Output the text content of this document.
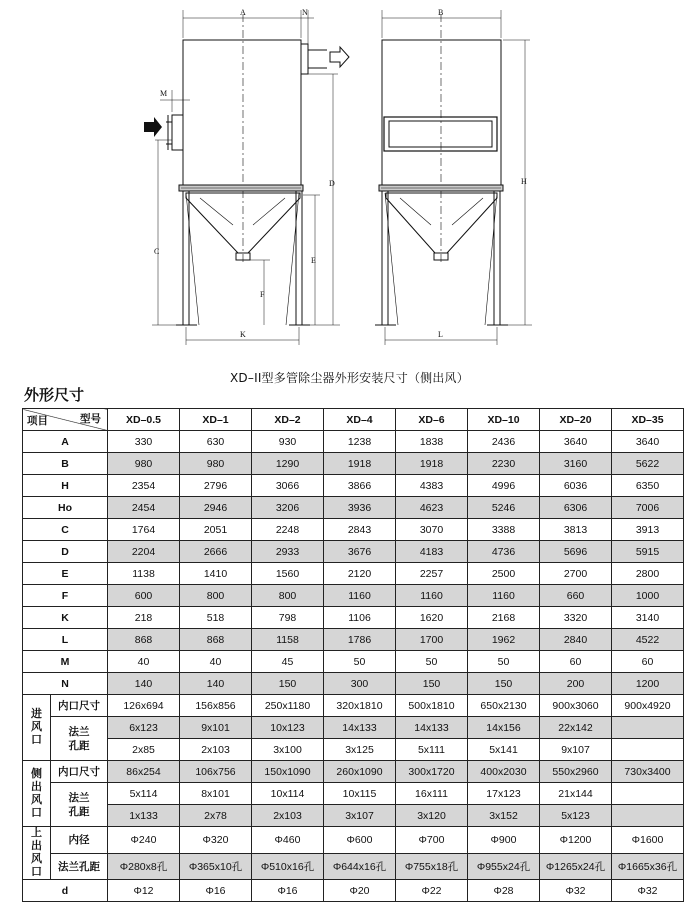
A	N
M
D
C
E
F
K
B
H
L
XD–II型多管除尘器外形安装尺寸（侧出风）
外形尺寸
型号
项目		XD–0.5	XD–1	XD–2	XD–4	XD–6	XD–10	XD–20	XD–35
A		330	630	930	1238	1838	2436	3640	3640
B		980	980	1290	1918	1918	2230	3160	5622
H		2354	2796	3066	3866	4383	4996	6036	6350
Ho		2454	2946	3206	3936	4623	5246	6306	7006
C		1764	2051	2248	2843	3070	3388	3813	3913
D		2204	2666	2933	3676	4183	4736	5696	5915
E		1138	1410	1560	2120	2257	2500	2700	2800
F		600	800	800	1160	1160	1160	660	1000
K		218	518	798	1106	1620	2168	3320	3140
L		868	868	1158	1786	1700	1962	2840	4522
M		40	40	45	50	50	50	60	60
N		140	140	150	300	150	150	200	1200
进风口	内口尺寸	126x694	156x856	250x1180	320x1810	500x1810	650x2130	900x3060	900x4920
	法兰孔距	6x123	9x101	10x123	14x133	14x133	14x156	22x142	
		2x85	2x103	3x100	3x125	5x111	5x141	9x107	
侧出风口	内口尺寸	86x254	106x756	150x1090	260x1090	300x1720	400x2030	550x2960	730x3400
	法兰孔距	5x114	8x101	10x114	10x115	16x111	17x123	21x144	
		1x133	2x78	2x103	3x107	3x120	3x152	5x123	
上出风口	内径	Φ240	Φ320	Φ460	Φ600	Φ700	Φ900	Φ1200	Φ1600
	法兰孔距	Φ280x8孔	Φ365x10孔	Φ510x16孔	Φ644x16孔	Φ755x18孔	Φ955x24孔	Φ1265x24孔	Φ1665x36孔
d		Φ12	Φ16	Φ16	Φ20	Φ22	Φ28	Φ32	Φ32
